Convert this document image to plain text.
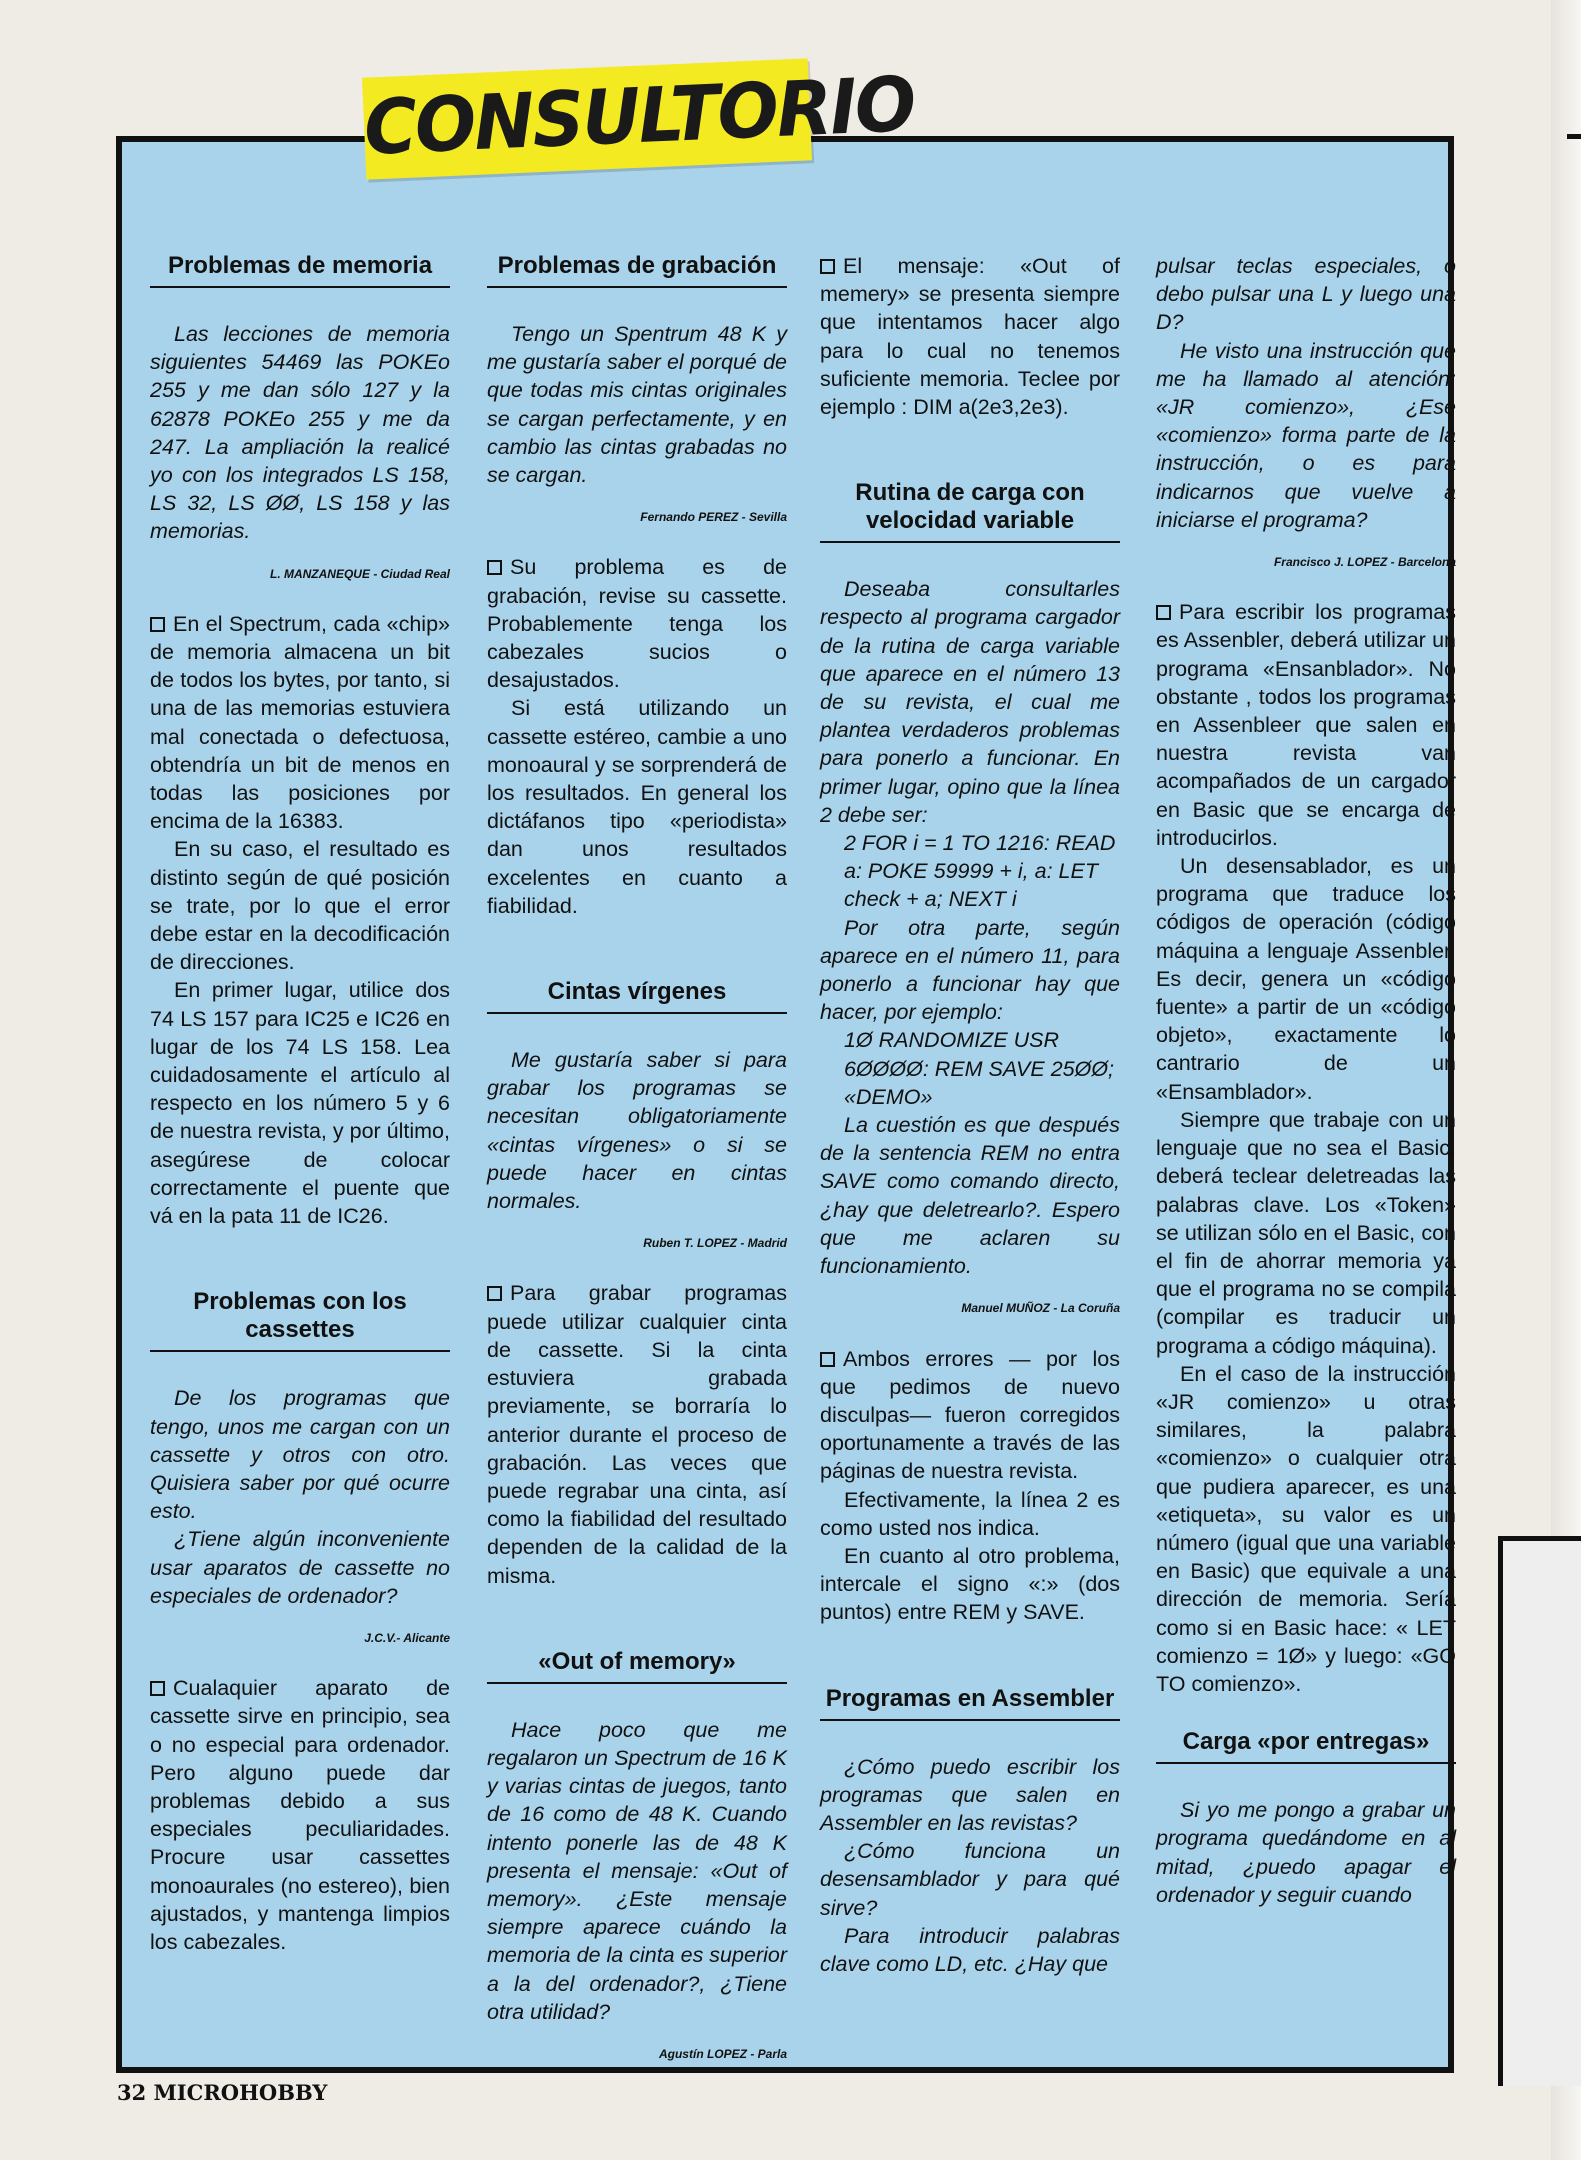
CONSULTORIO
Problemas de memoria

Las lecciones de memoria siguientes 54469 las POKEo 255 y me dan sólo 127 y la 62878 POKEo 255 y me da 247. La ampliación la realicé yo con los integrados LS 158, LS 32, LS ØØ, LS 158 y las memorias.

L. MANZANEQUE - Ciudad Real

En el Spectrum, cada «chip» de memoria almacena un bit de todos los bytes, por tanto, si una de las memorias estuviera mal conectada o defectuosa, obtendría un bit de menos en todas las posiciones por encima de la 16383.

En su caso, el resultado es distinto según de qué posición se trate, por lo que el error debe estar en la decodificación de direcciones.

En primer lugar, utilice dos 74 LS 157 para IC25 e IC26 en lugar de los 74 LS 158. Lea cuidadosamente el artículo al respecto en los número 5 y 6 de nuestra revista, y por último, asegúrese de colocar correctamente el puente que vá en la pata 11 de IC26.

Problemas con los cassettes

De los programas que tengo, unos me cargan con un cassette y otros con otro. Quisiera saber por qué ocurre esto.

¿Tiene algún inconveniente usar aparatos de cassette no especiales de ordenador?

J.C.V.- Alicante

Cualaquier aparato de cassette sirve en principio, sea o no especial para ordenador. Pero alguno puede dar problemas debido a sus especiales peculiaridades. Procure usar cassettes monoaurales (no estereo), bien ajustados, y mantenga limpios los cabezales.

Problemas de grabación

Tengo un Spentrum 48 K y me gustaría saber el porqué de que todas mis cintas originales se cargan perfectamente, y en cambio las cintas grabadas no se cargan.

Fernando PEREZ - Sevilla

Su problema es de grabación, revise su cassette. Probablemente tenga los cabezales sucios o desajustados.

Si está utilizando un cassette estéreo, cambie a uno monoaural y se sorprenderá de los resultados. En general los dictáfanos tipo «periodista» dan unos resultados excelentes en cuanto a fiabilidad.

Cintas vírgenes

Me gustaría saber si para grabar los programas se necesitan obligatoriamente «cintas vírgenes» o si se puede hacer en cintas normales.

Ruben T. LOPEZ - Madrid

Para grabar programas puede utilizar cualquier cinta de cassette. Si la cinta estuviera grabada previamente, se borraría lo anterior durante el proceso de grabación. Las veces que puede regrabar una cinta, así como la fiabilidad del resultado dependen de la calidad de la misma.

«Out of memory»

Hace poco que me regalaron un Spectrum de 16 K y varias cintas de juegos, tanto de 16 como de 48 K. Cuando intento ponerle las de 48 K presenta el mensaje: «Out of memory». ¿Este mensaje siempre aparece cuándo la memoria de la cinta es superior a la del ordenador?, ¿Tiene otra utilidad?

Agustín LOPEZ - Parla

El mensaje: «Out of memery» se presenta siempre que intentamos hacer algo para lo cual no tenemos suficiente memoria. Teclee por ejemplo : DIM a(2e3,2e3).

Rutina de carga con velocidad variable

Deseaba consultarles respecto al programa cargador de la rutina de carga variable que aparece en el número 13 de su revista, el cual me plantea verdaderos problemas para ponerlo a funcionar. En primer lugar, opino que la línea 2 debe ser:

2 FOR i = 1 TO 1216: READ a: POKE 59999 + i, a: LET check + a; NEXT i

Por otra parte, según aparece en el número 11, para ponerlo a funcionar hay que hacer, por ejemplo:

1Ø RANDOMIZE USR 6ØØØØ: REM SAVE 25ØØ; «DEMO»

La cuestión es que después de la sentencia REM no entra SAVE como comando directo, ¿hay que deletrearlo?. Espero que me aclaren su funcionamiento.

Manuel MUÑOZ - La Coruña

Ambos errores — por los que pedimos de nuevo disculpas— fueron corregidos oportunamente a través de las páginas de nuestra revista.

Efectivamente, la línea 2 es como usted nos indica.

En cuanto al otro problema, intercale el signo «:» (dos puntos) entre REM y SAVE.

Programas en Assembler

¿Cómo puedo escribir los programas que salen en Assembler en las revistas?

¿Cómo funciona un desensamblador y para qué sirve?

Para introducir palabras clave como LD, etc. ¿Hay que

pulsar teclas especiales, o debo pulsar una L y luego una D?

He visto una instrucción que me ha llamado al atención: «JR comienzo», ¿Ese «comienzo» forma parte de la instrucción, o es para indicarnos que vuelve a iniciarse el programa?

Francisco J. LOPEZ - Barcelona

Para escribir los programas es Assenbler, deberá utilizar un programa «Ensanblador». No obstante , todos los programas en Assenbleer que salen en nuestra revista van acompañados de un cargador en Basic que se encarga de introducirlos.

Un desensablador, es un programa que traduce los códigos de operación (código máquina a lenguaje Assenbler. Es decir, genera un «código fuente» a partir de un «código objeto», exactamente lo cantrario de un «Ensamblador».

Siempre que trabaje con un lenguaje que no sea el Basic, deberá teclear deletreadas las palabras clave. Los «Token» se utilizan sólo en el Basic, con el fin de ahorrar memoria ya que el programa no se compila (compilar es traducir un programa a código máquina).

En el caso de la instrucción «JR comienzo» u otras similares, la palabra «comienzo» o cualquier otra que pudiera aparecer, es una «etiqueta», su valor es un número (igual que una variable en Basic) que equivale a una dirección de memoria. Sería como si en Basic hace: « LET comienzo = 1Ø» y luego: «GO TO comienzo».

Carga «por entregas»

Si yo me pongo a grabar un programa quedándome en al mitad, ¿puedo apagar el ordenador y seguir cuando

32 MICROHOBBY
